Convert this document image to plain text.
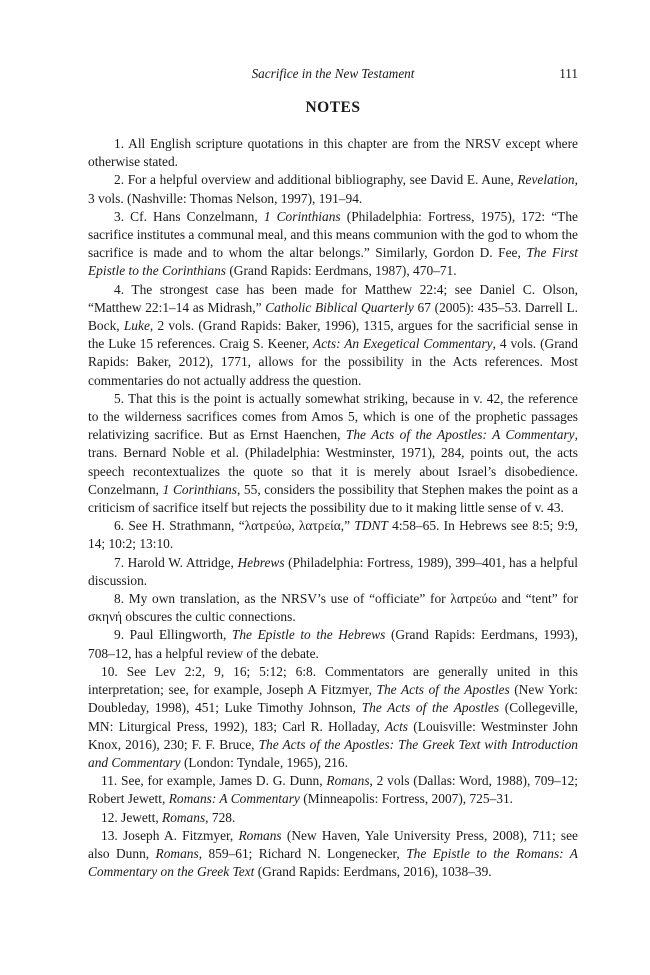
Sacrifice in the New Testament	111
NOTES

1. All English scripture quotations in this chapter are from the NRSV except where otherwise stated.

2. For a helpful overview and additional bibliography, see David E. Aune, Revelation, 3 vols. (Nashville: Thomas Nelson, 1997), 191–94.

3. Cf. Hans Conzelmann, 1 Corinthians (Philadelphia: Fortress, 1975), 172: “The sacrifice institutes a communal meal, and this means communion with the god to whom the sacrifice is made and to whom the altar belongs.” Similarly, Gordon D. Fee, The First Epistle to the Corinthians (Grand Rapids: Eerdmans, 1987), 470–71.

4. The strongest case has been made for Matthew 22:4; see Daniel C. Olson, “Matthew 22:1–14 as Midrash,” Catholic Biblical Quarterly 67 (2005): 435–53. Darrell L. Bock, Luke, 2 vols. (Grand Rapids: Baker, 1996), 1315, argues for the sacrificial sense in the Luke 15 references. Craig S. Keener, Acts: An Exegetical Commentary, 4 vols. (Grand Rapids: Baker, 2012), 1771, allows for the possibility in the Acts references. Most commentaries do not actually address the question.

5. That this is the point is actually somewhat striking, because in v. 42, the reference to the wilderness sacrifices comes from Amos 5, which is one of the prophetic passages relativizing sacrifice. But as Ernst Haenchen, The Acts of the Apostles: A Commentary, trans. Bernard Noble et al. (Philadelphia: Westminster, 1971), 284, points out, the acts speech recontextualizes the quote so that it is merely about Israel’s disobedience. Conzelmann, 1 Corinthians, 55, considers the possibility that Stephen makes the point as a criticism of sacrifice itself but rejects the possibility due to it making little sense of v. 43.

6. See H. Strathmann, “λατρεύω, λατρεία,” TDNT 4:58–65. In Hebrews see 8:5; 9:9, 14; 10:2; 13:10.

7. Harold W. Attridge, Hebrews (Philadelphia: Fortress, 1989), 399–401, has a helpful discussion.

8. My own translation, as the NRSV’s use of “officiate” for λατρεύω and “tent” for σκηνή obscures the cultic connections.

9. Paul Ellingworth, The Epistle to the Hebrews (Grand Rapids: Eerdmans, 1993), 708–12, has a helpful review of the debate.

10. See Lev 2:2, 9, 16; 5:12; 6:8. Commentators are generally united in this interpretation; see, for example, Joseph A Fitzmyer, The Acts of the Apostles (New York: Doubleday, 1998), 451; Luke Timothy Johnson, The Acts of the Apostles (Collegeville, MN: Liturgical Press, 1992), 183; Carl R. Holladay, Acts (Louisville: Westminster John Knox, 2016), 230; F. F. Bruce, The Acts of the Apostles: The Greek Text with Introduction and Commentary (London: Tyndale, 1965), 216.

11. See, for example, James D. G. Dunn, Romans, 2 vols (Dallas: Word, 1988), 709–12; Robert Jewett, Romans: A Commentary (Minneapolis: Fortress, 2007), 725–31.

12. Jewett, Romans, 728.

13. Joseph A. Fitzmyer, Romans (New Haven, Yale University Press, 2008), 711; see also Dunn, Romans, 859–61; Richard N. Longenecker, The Epistle to the Romans: A Commentary on the Greek Text (Grand Rapids: Eerdmans, 2016), 1038–39.
